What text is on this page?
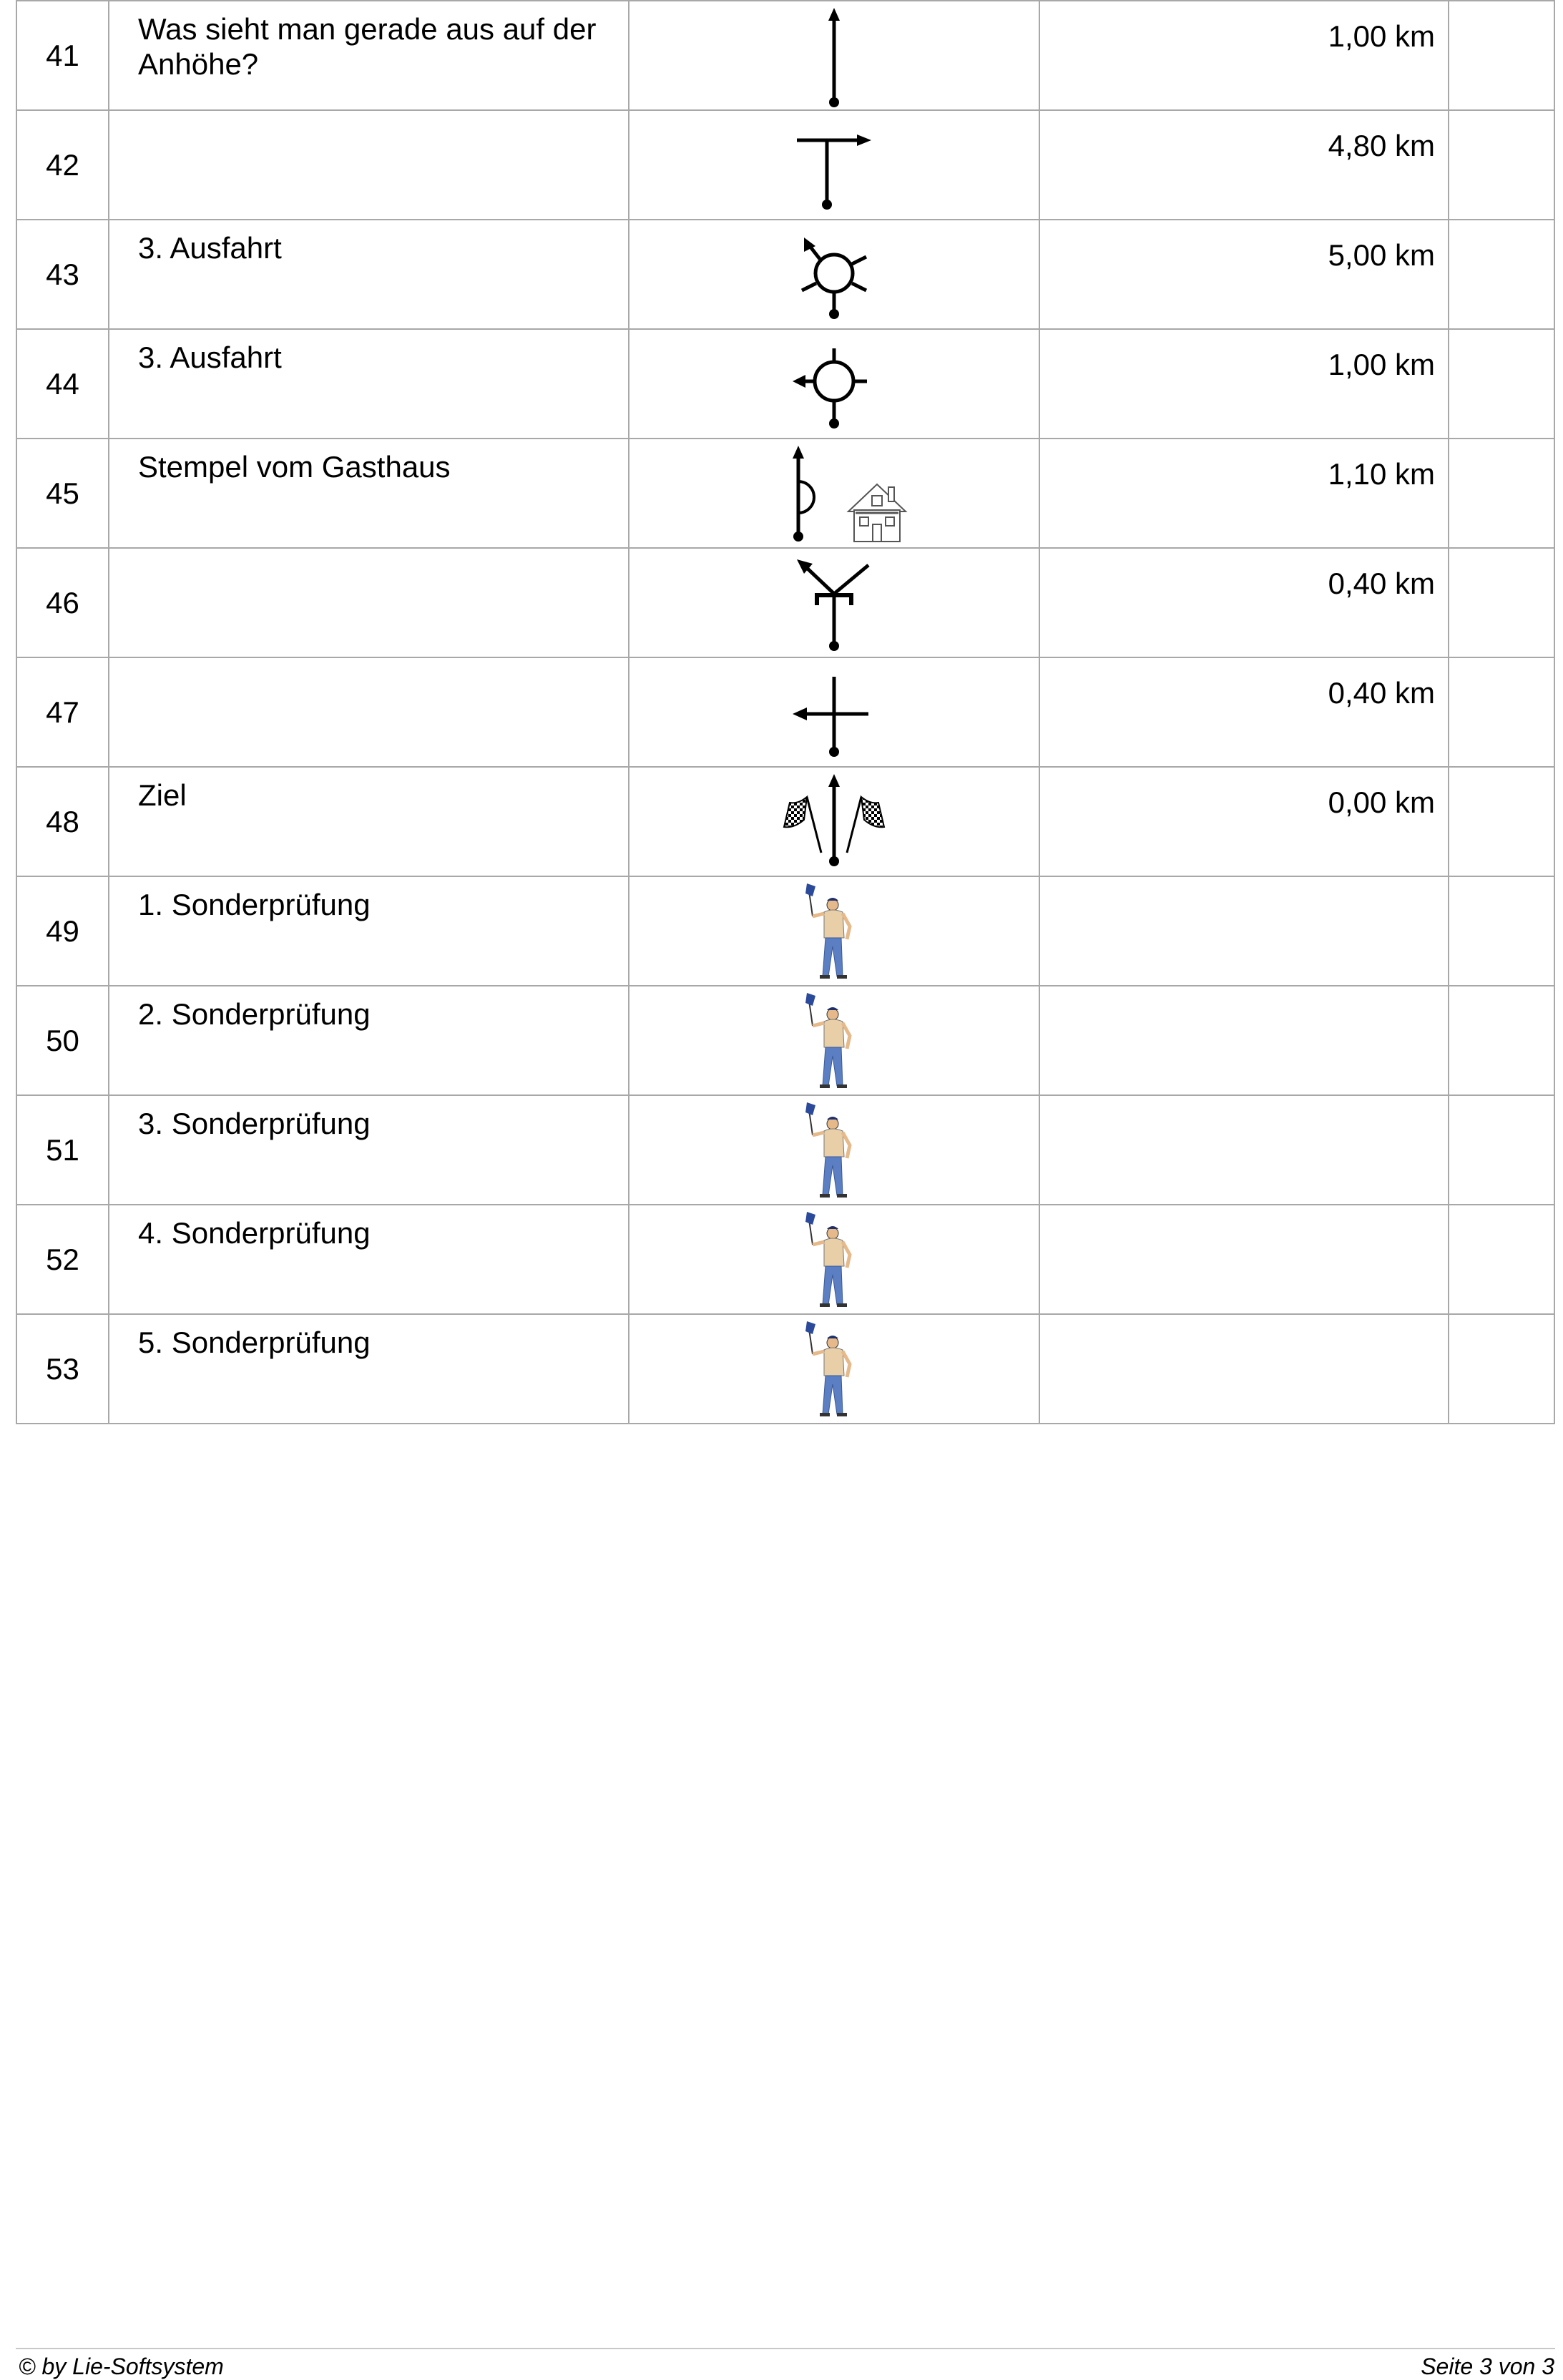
41	Was sieht man gerade aus auf der Anhöhe?		1,00 km	
42			4,80 km	
43	3. Ausfahrt		5,00 km	
44	3. Ausfahrt		1,00 km	
45	Stempel vom Gasthaus		1,10 km	
46			0,40 km	
47			0,40 km	
48	Ziel		0,00 km	
49	1. Sonderprüfung	

50	2. Sonderprüfung	

51	3. Sonderprüfung	

52	4. Sonderprüfung	

53	5. Sonderprüfung	

© by Lie-Softsystem	Seite 3 von 3
